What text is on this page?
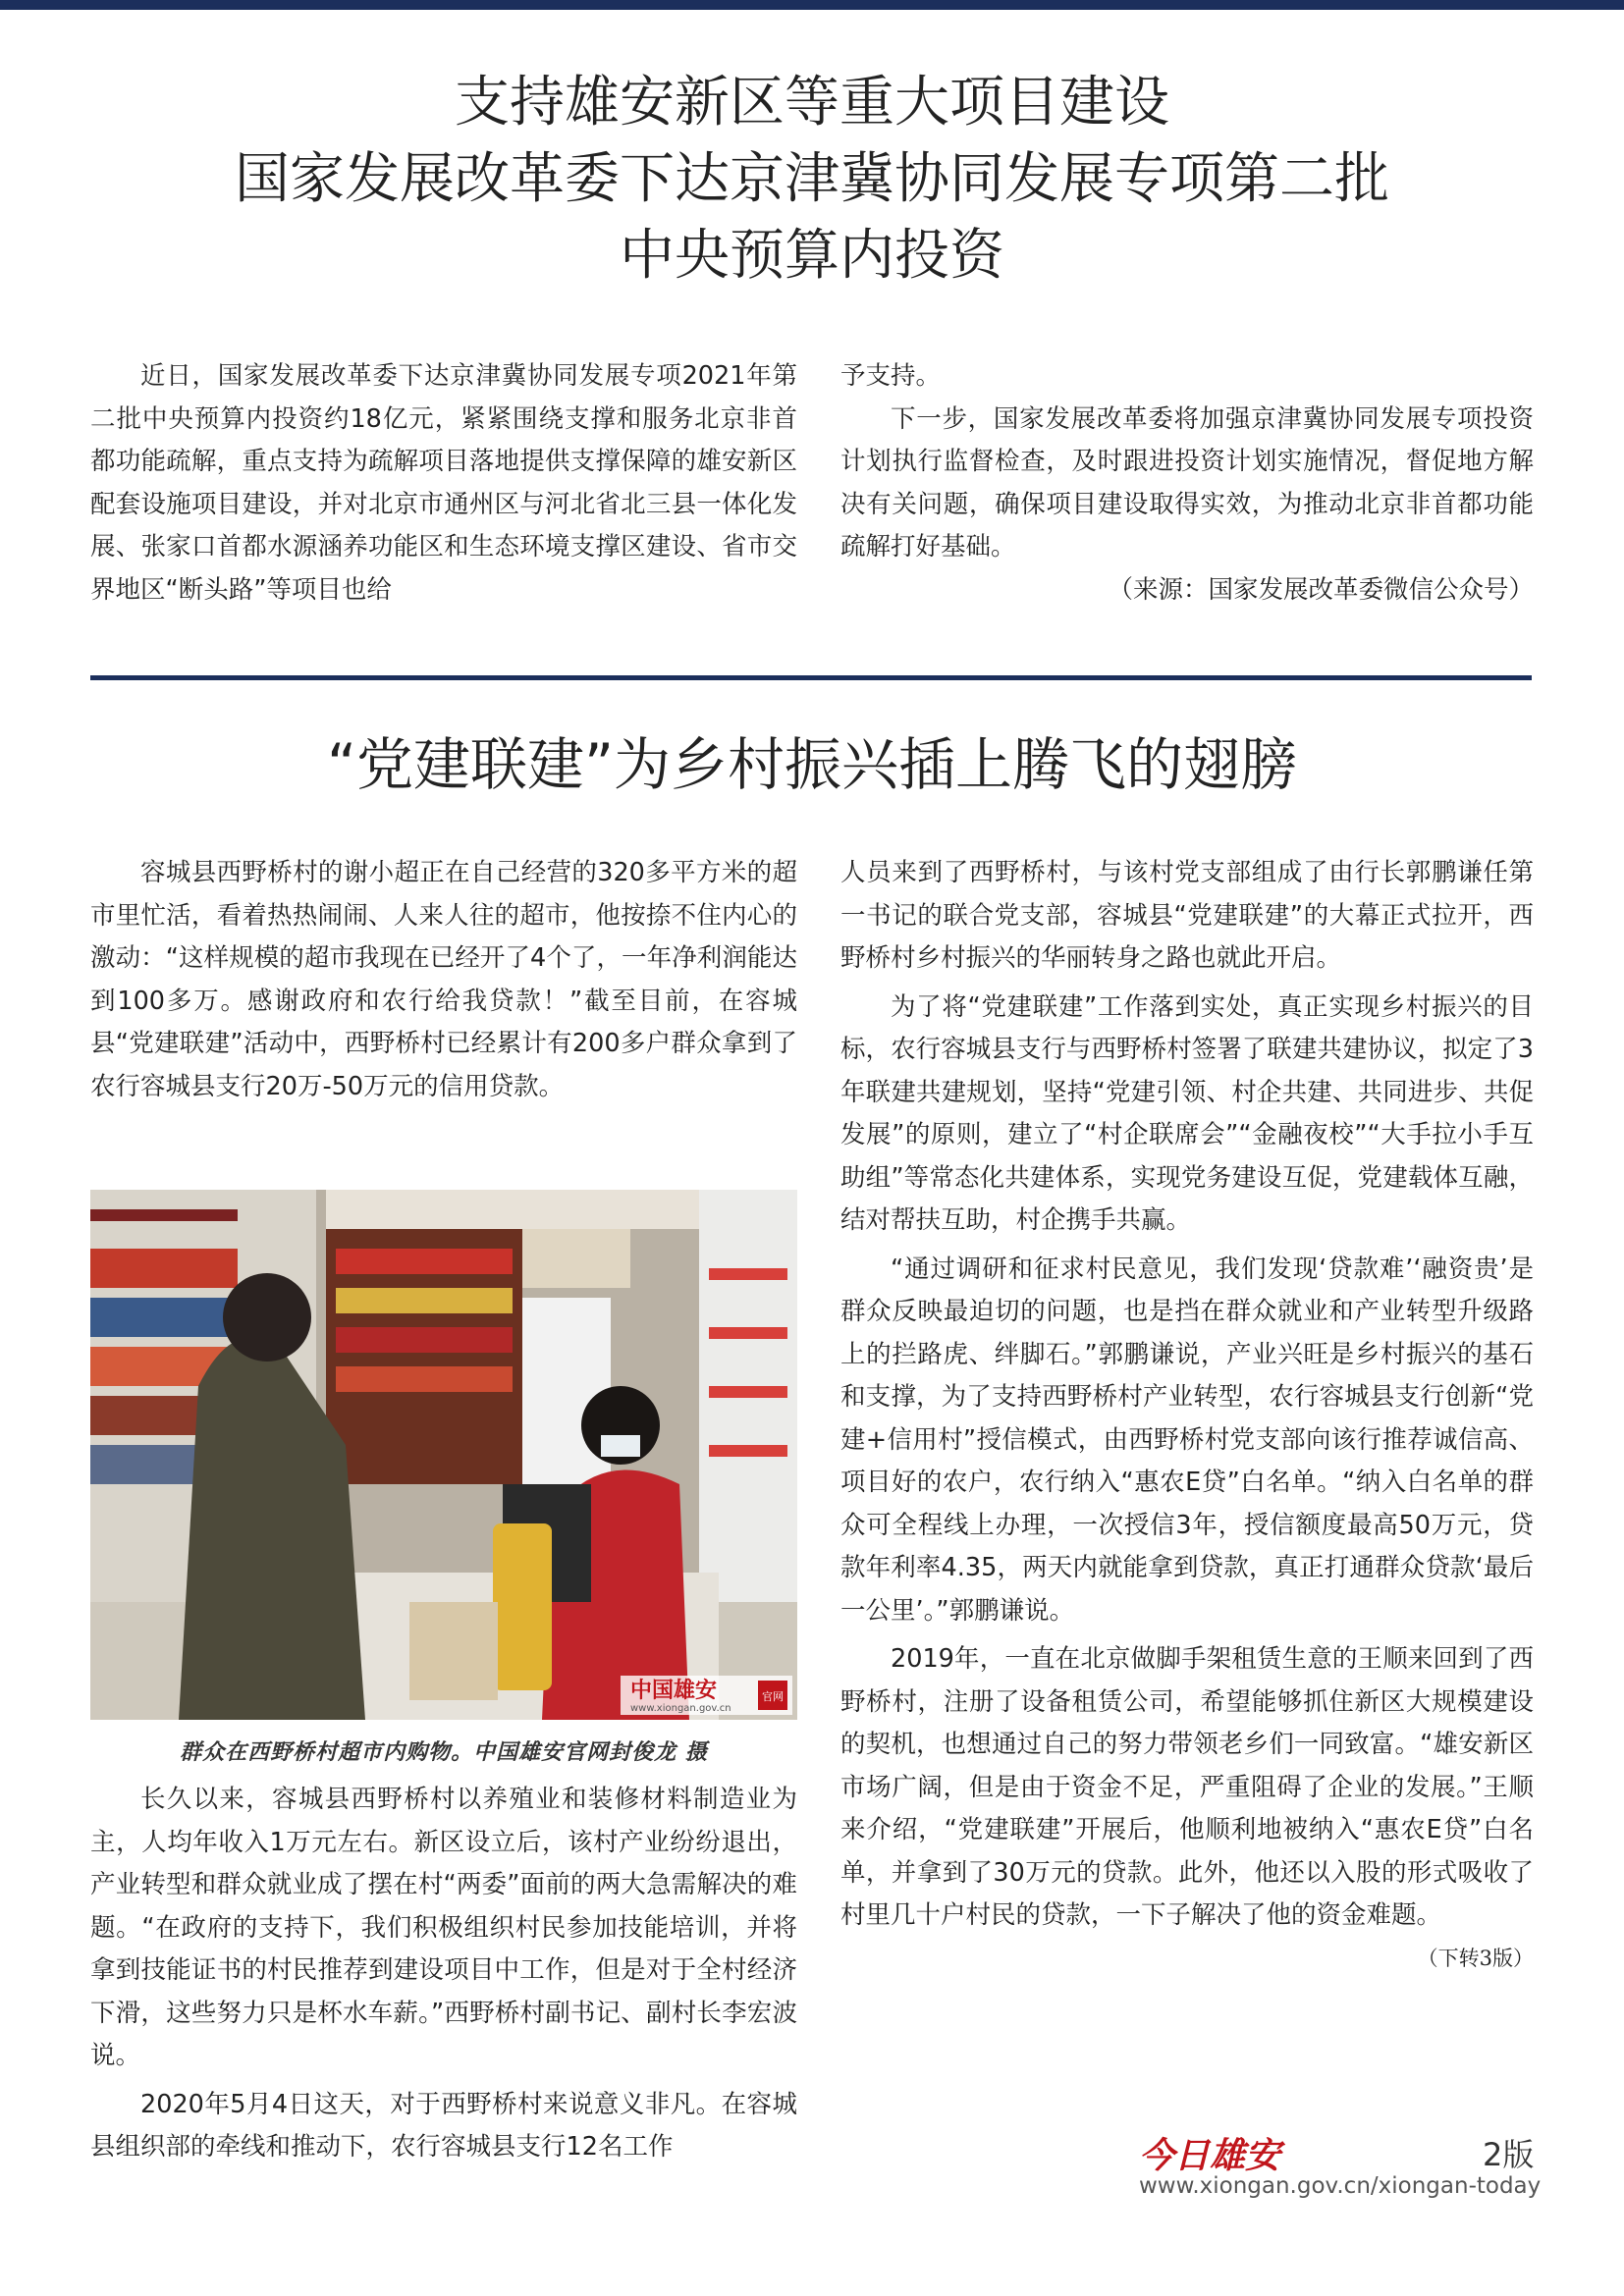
支持雄安新区等重大项目建设
国家发展改革委下达京津冀协同发展专项第二批
中央预算内投资

近日，国家发展改革委下达京津冀协同发展专项2021年第二批中央预算内投资约18亿元，紧紧围绕支撑和服务北京非首都功能疏解，重点支持为疏解项目落地提供支撑保障的雄安新区配套设施项目建设，并对北京市通州区与河北省北三县一体化发展、张家口首都水源涵养功能区和生态环境支撑区建设、省市交界地区“断头路”等项目也给

予支持。

下一步，国家发展改革委将加强京津冀协同发展专项投资计划执行监督检查，及时跟进投资计划实施情况，督促地方解决有关问题，确保项目建设取得实效，为推动北京非首都功能疏解打好基础。

（来源：国家发展改革委微信公众号）

“党建联建”为乡村振兴插上腾飞的翅膀

容城县西野桥村的谢小超正在自己经营的320多平方米的超市里忙活，看着热热闹闹、人来人往的超市，他按捺不住内心的激动：“这样规模的超市我现在已经开了4个了，一年净利润能达到100多万。感谢政府和农行给我贷款！”截至目前，在容城县“党建联建”活动中，西野桥村已经累计有200多户群众拿到了农行容城县支行20万-50万元的信用贷款。

中国雄安
www.xiongan.gov.cn
官网
群众在西野桥村超市内购物。中国雄安官网封俊龙 摄

长久以来，容城县西野桥村以养殖业和装修材料制造业为主，人均年收入1万元左右。新区设立后，该村产业纷纷退出，产业转型和群众就业成了摆在村“两委”面前的两大急需解决的难题。“在政府的支持下，我们积极组织村民参加技能培训，并将拿到技能证书的村民推荐到建设项目中工作，但是对于全村经济下滑，这些努力只是杯水车薪。”西野桥村副书记、副村长李宏波说。

2020年5月4日这天，对于西野桥村来说意义非凡。在容城县组织部的牵线和推动下，农行容城县支行12名工作

人员来到了西野桥村，与该村党支部组成了由行长郭鹏谦任第一书记的联合党支部，容城县“党建联建”的大幕正式拉开，西野桥村乡村振兴的华丽转身之路也就此开启。

为了将“党建联建”工作落到实处，真正实现乡村振兴的目标，农行容城县支行与西野桥村签署了联建共建协议，拟定了3年联建共建规划，坚持“党建引领、村企共建、共同进步、共促发展”的原则，建立了“村企联席会”“金融夜校”“大手拉小手互助组”等常态化共建体系，实现党务建设互促，党建载体互融，结对帮扶互助，村企携手共赢。

“通过调研和征求村民意见，我们发现‘贷款难’‘融资贵’是群众反映最迫切的问题，也是挡在群众就业和产业转型升级路上的拦路虎、绊脚石。”郭鹏谦说，产业兴旺是乡村振兴的基石和支撑，为了支持西野桥村产业转型，农行容城县支行创新“党建+信用村”授信模式，由西野桥村党支部向该行推荐诚信高、项目好的农户，农行纳入“惠农E贷”白名单。“纳入白名单的群众可全程线上办理，一次授信3年，授信额度最高50万元，贷款年利率4.35，两天内就能拿到贷款，真正打通群众贷款‘最后一公里’。”郭鹏谦说。

2019年，一直在北京做脚手架租赁生意的王顺来回到了西野桥村，注册了设备租赁公司，希望能够抓住新区大规模建设的契机，也想通过自己的努力带领老乡们一同致富。“雄安新区市场广阔，但是由于资金不足，严重阻碍了企业的发展。”王顺来介绍，“党建联建”开展后，他顺利地被纳入“惠农E贷”白名单，并拿到了30万元的贷款。此外，他还以入股的形式吸收了村里几十户村民的贷款，一下子解决了他的资金难题。
（下转3版）

今日雄安	2版
www.xiongan.gov.cn/xiongan-today
